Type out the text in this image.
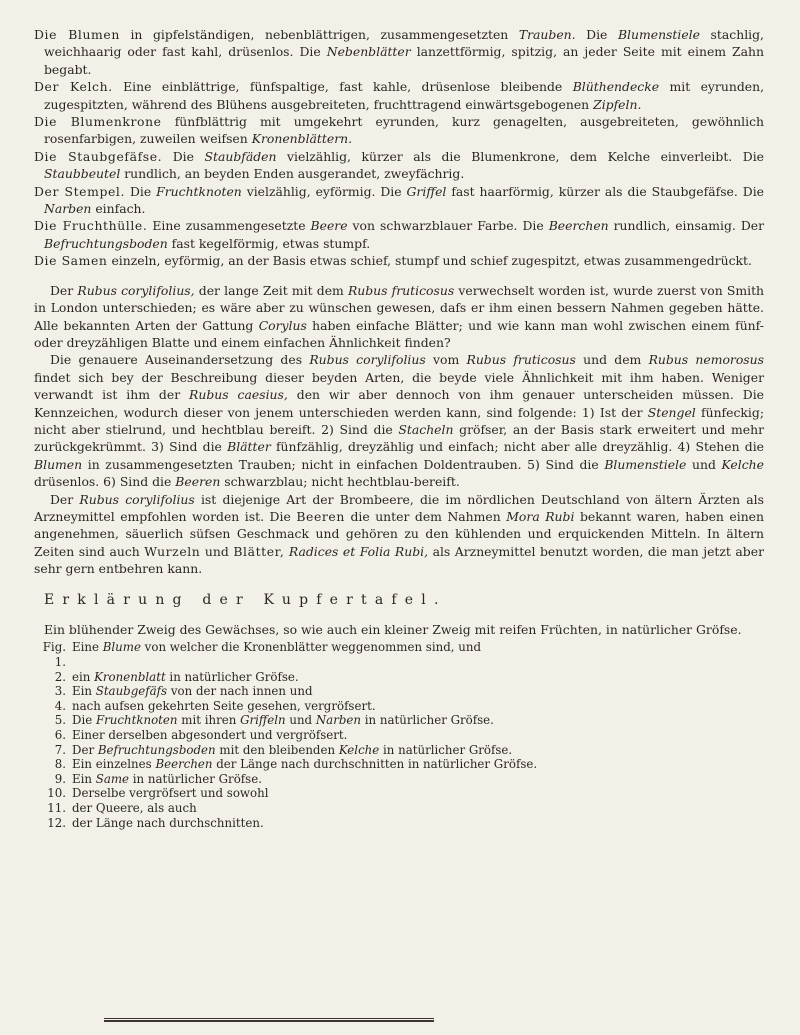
Die Blumen in gipfelständigen, nebenblättrigen, zusammengesetzten Trauben. Die Blumenstiele stachlig, weichhaarig oder fast kahl, drüsenlos. Die Nebenblätter lanzettförmig, spitzig, an jeder Seite mit einem Zahn begabt.

Der Kelch. Eine einblättrige, fünfspaltige, fast kahle, drüsenlose bleibende Blüthendecke mit eyrunden, zugespitzten, während des Blühens ausgebreiteten, fruchttragend einwärtsgebogenen Zipfeln.

Die Blumenkrone fünfblättrig mit umgekehrt eyrunden, kurz genagelten, ausgebreiteten, gewöhnlich rosenfarbigen, zuweilen weifsen Kronenblättern.

Die Staubgefäfse. Die Staubfäden vielzählig, kürzer als die Blumenkrone, dem Kelche einverleibt. Die Staubbeutel rundlich, an beyden Enden ausgerandet, zweyfächrig.

Der Stempel. Die Fruchtknoten vielzählig, eyförmig. Die Griffel fast haarförmig, kürzer als die Staubgefäfse. Die Narben einfach.

Die Fruchthülle. Eine zusammengesetzte Beere von schwarzblauer Farbe. Die Beerchen rundlich, einsamig. Der Befruchtungsboden fast kegelförmig, etwas stumpf.

Die Samen einzeln, eyförmig, an der Basis etwas schief, stumpf und schief zugespitzt, etwas zusammengedrückt.

Der Rubus corylifolius, der lange Zeit mit dem Rubus fruticosus verwechselt worden ist, wurde zuerst von Smith in London unterschieden; es wäre aber zu wünschen gewesen, dafs er ihm einen bessern Nahmen gegeben hätte. Alle bekannten Arten der Gattung Corylus haben einfache Blätter; und wie kann man wohl zwischen einem fünf- oder dreyzähligen Blatte und einem einfachen Ähnlichkeit finden?

Die genauere Auseinandersetzung des Rubus corylifolius vom Rubus fruticosus und dem Rubus nemorosus findet sich bey der Beschreibung dieser beyden Arten, die beyde viele Ähnlichkeit mit ihm haben. Weniger verwandt ist ihm der Rubus caesius, den wir aber dennoch von ihm genauer unterscheiden müssen. Die Kennzeichen, wodurch dieser von jenem unterschieden werden kann, sind folgende: 1) Ist der Stengel fünfeckig; nicht aber stielrund, und hechtblau bereift. 2) Sind die Stacheln gröfser, an der Basis stark erweitert und mehr zurückgekrümmt. 3) Sind die Blätter fünfzählig, dreyzählig und einfach; nicht aber alle dreyzählig. 4) Stehen die Blumen in zusammengesetzten Trauben; nicht in einfachen Doldentrauben. 5) Sind die Blumenstiele und Kelche drüsenlos. 6) Sind die Beeren schwarzblau; nicht hechtblau-bereift.

Der Rubus corylifolius ist diejenige Art der Brombeere, die im nördlichen Deutschland von ältern Ärzten als Arzneymittel empfohlen worden ist. Die Beeren die unter dem Nahmen Mora Rubi bekannt waren, haben einen angenehmen, säuerlich süfsen Geschmack und gehören zu den kühlenden und erquickenden Mitteln. In ältern Zeiten sind auch Wurzeln und Blätter, Radices et Folia Rubi, als Arzneymittel benutzt worden, die man jetzt aber sehr gern entbehren kann.

Erklärung der Kupfertafel.

Ein blühender Zweig des Gewächses, so wie auch ein kleiner Zweig mit reifen Früchten, in natürlicher Gröfse.

Fig. 1.
Eine Blume von welcher die Kronenblätter weggenommen sind, und
2. ein Kronenblatt in natürlicher Gröfse.
3. Ein Staubgefäfs von der nach innen und
4. nach aufsen gekehrten Seite gesehen, vergröfsert.
5. Die Fruchtknoten mit ihren Griffeln und Narben in natürlicher Gröfse.
6. Einer derselben abgesondert und vergröfsert.
7. Der Befruchtungsboden mit den bleibenden Kelche in natürlicher Gröfse.
8. Ein einzelnes Beerchen der Länge nach durchschnitten in natürlicher Gröfse.
9. Ein Same in natürlicher Gröfse.
10. Derselbe vergröfsert und sowohl
11. der Queere, als auch
12. der Länge nach durchschnitten.
